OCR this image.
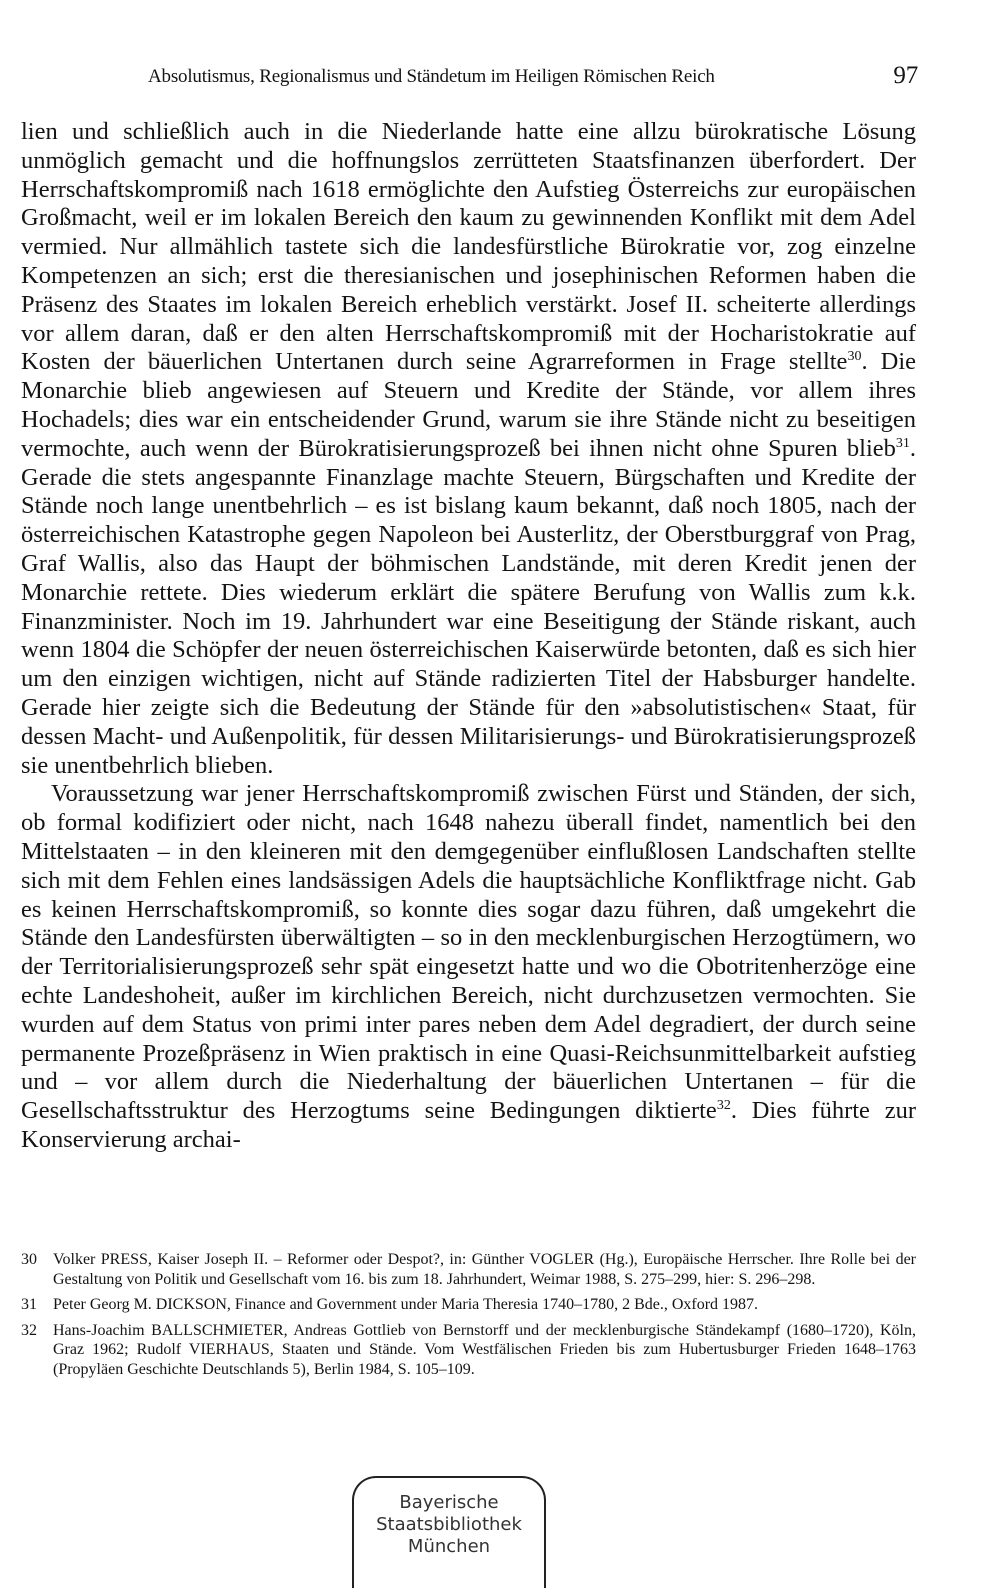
Absolutismus, Regionalismus und Ständetum im Heiligen Römischen Reich	97

lien und schließlich auch in die Niederlande hatte eine allzu bürokratische Lösung unmöglich gemacht und die hoffnungslos zerrütteten Staatsfinanzen überfordert. Der Herrschaftskompromiß nach 1618 ermöglichte den Aufstieg Österreichs zur europäischen Großmacht, weil er im lokalen Bereich den kaum zu gewinnenden Konflikt mit dem Adel vermied. Nur allmählich tastete sich die landesfürstliche Bürokratie vor, zog einzelne Kompetenzen an sich; erst die theresianischen und josephinischen Reformen haben die Präsenz des Staates im lokalen Bereich erheblich verstärkt. Josef II. scheiterte allerdings vor allem daran, daß er den alten Herrschaftskompromiß mit der Hocharistokratie auf Kosten der bäuerlichen Untertanen durch seine Agrarreformen in Frage stellte$^{30}$. Die Monarchie blieb angewiesen auf Steuern und Kredite der Stände, vor allem ihres Hochadels; dies war ein entscheidender Grund, warum sie ihre Stände nicht zu beseitigen vermochte, auch wenn der Bürokratisierungsprozeß bei ihnen nicht ohne Spuren blieb$^{31}$. Gerade die stets angespannte Finanzlage machte Steuern, Bürgschaften und Kredite der Stände noch lange unentbehrlich – es ist bislang kaum bekannt, daß noch 1805, nach der österreichischen Katastrophe gegen Napoleon bei Austerlitz, der Oberstburggraf von Prag, Graf Wallis, also das Haupt der böhmischen Landstände, mit deren Kredit jenen der Monarchie rettete. Dies wiederum erklärt die spätere Berufung von Wallis zum k.k. Finanzminister. Noch im 19. Jahrhundert war eine Beseitigung der Stände riskant, auch wenn 1804 die Schöpfer der neuen österreichischen Kaiserwürde betonten, daß es sich hier um den einzigen wichtigen, nicht auf Stände radizierten Titel der Habsburger handelte. Gerade hier zeigte sich die Bedeutung der Stände für den »absolutistischen« Staat, für dessen Macht- und Außenpolitik, für dessen Militarisierungs- und Bürokratisierungsprozeß sie unentbehrlich blieben.

Voraussetzung war jener Herrschaftskompromiß zwischen Fürst und Ständen, der sich, ob formal kodifiziert oder nicht, nach 1648 nahezu überall findet, namentlich bei den Mittelstaaten – in den kleineren mit den demgegenüber einflußlosen Landschaften stellte sich mit dem Fehlen eines landsässigen Adels die hauptsächliche Konfliktfrage nicht. Gab es keinen Herrschaftskompromiß, so konnte dies sogar dazu führen, daß umgekehrt die Stände den Landesfürsten überwältigten – so in den mecklenburgischen Herzogtümern, wo der Territorialisierungsprozeß sehr spät eingesetzt hatte und wo die Obotritenherzöge eine echte Landeshoheit, außer im kirchlichen Bereich, nicht durchzusetzen vermochten. Sie wurden auf dem Status von primi inter pares neben dem Adel degradiert, der durch seine permanente Prozeßpräsenz in Wien praktisch in eine Quasi-Reichsunmittelbarkeit aufstieg und – vor allem durch die Niederhaltung der bäuerlichen Untertanen – für die Gesellschaftsstruktur des Herzogtums seine Bedingungen diktierte$^{32}$. Dies führte zur Konservierung archai-

30 Volker PRESS, Kaiser Joseph II. – Reformer oder Despot?, in: Günther VOGLER (Hg.), Europäische Herrscher. Ihre Rolle bei der Gestaltung von Politik und Gesellschaft vom 16. bis zum 18. Jahrhundert, Weimar 1988, S. 275–299, hier: S. 296–298.
31 Peter Georg M. DICKSON, Finance and Government under Maria Theresia 1740–1780, 2 Bde., Oxford 1987.
32 Hans-Joachim BALLSCHMIETER, Andreas Gottlieb von Bernstorff und der mecklenburgische Ständekampf (1680–1720), Köln, Graz 1962; Rudolf VIERHAUS, Staaten und Stände. Vom Westfälischen Frieden bis zum Hubertusburger Frieden 1648–1763 (Propyläen Geschichte Deutschlands 5), Berlin 1984, S. 105–109.
Bayerische
Staatsbibliothek
München
